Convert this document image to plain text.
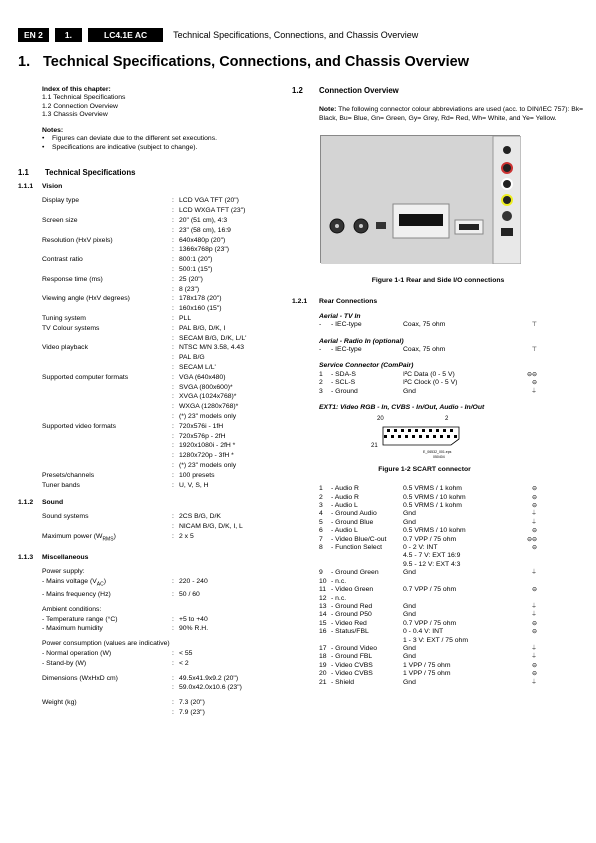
EN 2	1.	LC4.1E AC	Technical Specifications, Connections, and Chassis Overview
1. Technical Specifications, Connections, and Chassis Overview
Index of this chapter:
1.1 Technical Specifications
1.2 Connection Overview
1.3 Chassis Overview
Notes:
•	Figures can deviate due to the different set executions.
•	Specifications are indicative (subject to change).
1.1	Technical Specifications
1.1.1	Vision
Display type	: LCD VGA TFT (20")
: LCD WXGA TFT (23")
Screen size	: 20" (51 cm), 4:3
: 23" (58 cm), 16:9
Resolution (HxV pixels)	: 640x480p (20")
: 1366x768p (23")
Contrast ratio	: 800:1 (20")
: 500:1 (15")
Response time (ms)	: 25 (20")
: 8 (23")
Viewing angle (HxV degrees)	: 178x178 (20")
: 160x160 (15")
Tuning system	: PLL
TV Colour systems	: PAL B/G, D/K, I
: SECAM B/G, D/K, L/L'
Video playback	: NTSC M/N 3.58, 4.43
: PAL B/G
: SECAM L/L'
Supported computer formats	: VGA (640x480)
: SVGA (800x600)*
: XVGA (1024x768)*
: WXGA (1280x768)*
: (*) 23" models only
Supported video formats	: 720x576i - 1fH
: 720x576p - 2fH
: 1920x1080i - 2fH *
: 1280x720p - 3fH *
: (*) 23" models only
Presets/channels	: 100 presets
Tuner bands	: U, V, S, H
1.1.2	Sound
Sound systems	: 2CS B/G, D/K
: NICAM B/G, D/K, I, L
Maximum power $(W_{RMS})$	: 2 x 5
1.1.3	Miscellaneous
Power supply:
- Mains voltage $(V_{AC})$	: 220 - 240
- Mains frequency (Hz)	: 50 / 60
Ambient conditions:
- Temperature range (°C)	: +5 to +40
- Maximum humidity	: 90% R.H.
Power consumption (values are indicative)
- Normal operation (W)	: < 55
- Stand-by (W)	: < 2
Dimensions (WxHxD cm)	: 49.5x41.9x9.2 (20")
: 59.0x42.0x10.6 (23")
Weight (kg)	: 7.3 (20")
: 7.9 (23")
1.2	Connection Overview
Note: The following connector colour abbreviations are used (acc. to DIN/IEC 757): Bk= Black, Bu= Blue, Gn= Green, Gy= Grey, Rd= Red, Wh= White, and Ye= Yellow.
Figure 1-1 Rear and Side I/O connections
1.2.1	Rear Connections
Aerial - TV In
-	- IEC-type	Coax, 75 ohm	⊤
Aerial - Radio In (optional)
-	- IEC-type	Coax, 75 ohm	⊤
Service Connector (ComPair)
1	- SDA-S	I²C Data (0 - 5 V)	⊖⊖
2	- SCL-S	I²C Clock (0 - 5 V)	⊖
3	- Ground	Gnd	⏚
EXT1: Video RGB - In, CVBS - In/Out, Audio - In/Out
20	2
21
E_06532_001.eps
050404
Figure 1-2 SCART connector
1	- Audio R	0.5 VRMS / 1 kohm	⊖
2	- Audio R	0.5 VRMS / 10 kohm	⊖
3	- Audio L	0.5 VRMS / 1 kohm	⊖
4	- Ground Audio	Gnd	⏚
5	- Ground Blue	Gnd	⏚
6	- Audio L	0.5 VRMS / 10 kohm	⊖
7	- Video Blue/C-out	0.7 VPP / 75 ohm	⊖⊖
8	- Function Select	0 - 2 V: INT	⊖
4.5 - 7 V: EXT 16:9
9.5 - 12 V: EXT 4:3
9	- Ground Green	Gnd	⏚
10 - n.c.
11 - Video Green	0.7 VPP / 75 ohm	⊖
12 - n.c.
13 - Ground Red	Gnd	⏚
14 - Ground P50	Gnd	⏚
15 - Video Red	0.7 VPP / 75 ohm	⊖
16 - Status/FBL	0 - 0.4 V: INT	⊖
1 - 3 V: EXT / 75 ohm
17 - Ground Video	Gnd	⏚
18 - Ground FBL	Gnd	⏚
19 - Video CVBS	1 VPP / 75 ohm	⊖
20 - Video CVBS	1 VPP / 75 ohm	⊖
21 - Shield	Gnd	⏚
